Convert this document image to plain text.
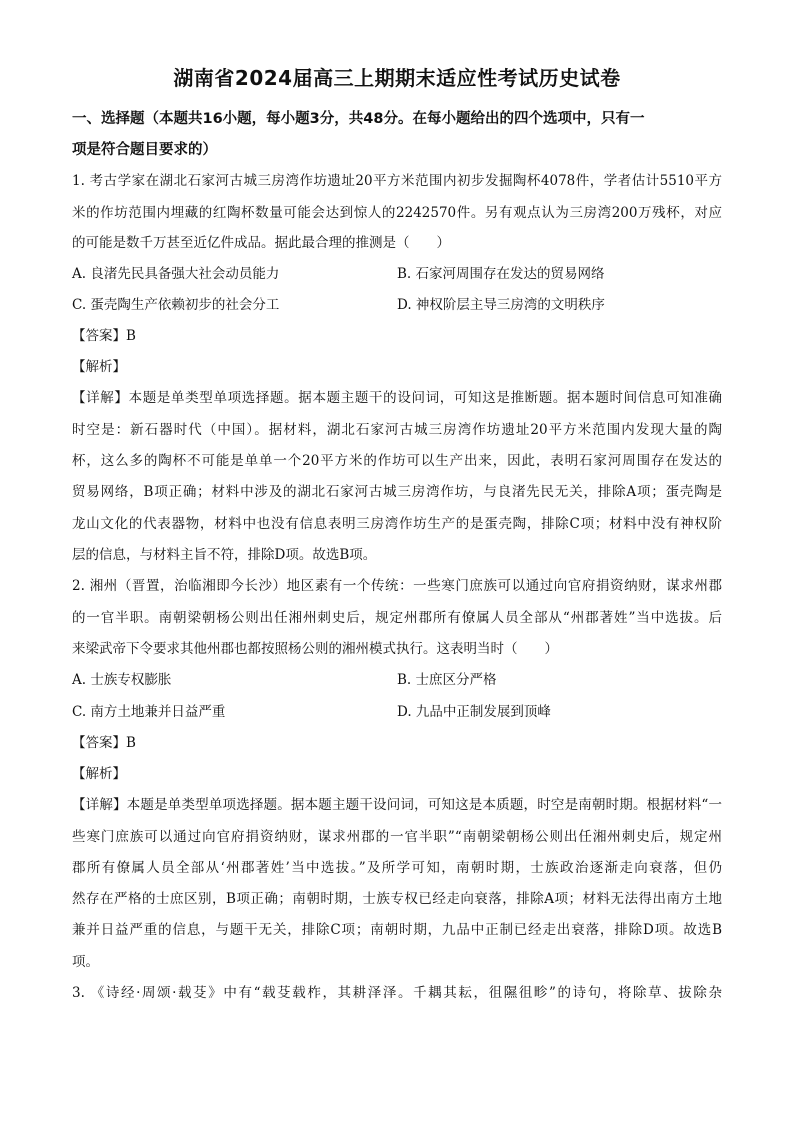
湖南省2024届高三上期期末适应性考试历史试卷
一、选择题（本题共16小题，每小题3分，共48分。在每小题给出的四个选项中，只有一
项是符合题目要求的）
1. 考古学家在湖北石家河古城三房湾作坊遗址20平方米范围内初步发掘陶杯4078件，学者估计5510平方
米的作坊范围内埋藏的红陶杯数量可能会达到惊人的2242570件。另有观点认为三房湾200万残杯，对应
的可能是数千万甚至近亿件成品。据此最合理的推测是（　　）
A. 良渚先民具备强大社会动员能力	B. 石家河周围存在发达的贸易网络
C. 蛋壳陶生产依赖初步的社会分工	D. 神权阶层主导三房湾的文明秩序
【答案】B
【解析】
【详解】本题是单类型单项选择题。据本题主题干的设问词，可知这是推断题。据本题时间信息可知准确
时空是：新石器时代（中国）。据材料，湖北石家河古城三房湾作坊遗址20平方米范围内发现大量的陶
杯，这么多的陶杯不可能是单单一个20平方米的作坊可以生产出来，因此，表明石家河周围存在发达的
贸易网络，B项正确；材料中涉及的湖北石家河古城三房湾作坊，与良渚先民无关，排除A项；蛋壳陶是
龙山文化的代表器物，材料中也没有信息表明三房湾作坊生产的是蛋壳陶，排除C项；材料中没有神权阶
层的信息，与材料主旨不符，排除D项。故选B项。
2. 湘州（晋置，治临湘即今长沙）地区素有一个传统：一些寒门庶族可以通过向官府捐资纳财，谋求州郡
的一官半职。南朝梁朝杨公则出任湘州刺史后，规定州郡所有僚属人员全部从“州郡著姓”当中选拔。后
来梁武帝下令要求其他州郡也都按照杨公则的湘州模式执行。这表明当时（　　）
A. 士族专权膨胀	B. 士庶区分严格
C. 南方土地兼并日益严重	D. 九品中正制发展到顶峰
【答案】B
【解析】
【详解】本题是单类型单项选择题。据本题主题干设问词，可知这是本质题，时空是南朝时期。根据材料“一
些寒门庶族可以通过向官府捐资纳财，谋求州郡的一官半职”“南朝梁朝杨公则出任湘州刺史后，规定州
郡所有僚属人员全部从‘州郡著姓’当中选拔。”及所学可知，南朝时期，士族政治逐渐走向衰落，但仍
然存在严格的士庶区别，B项正确；南朝时期，士族专权已经走向衰落，排除A项；材料无法得出南方土地
兼并日益严重的信息，与题干无关，排除C项；南朝时期，九品中正制已经走出衰落，排除D项。故选B
项。
3. 《诗经·周颂·载芟》中有“载芟载柞，其耕泽泽。千耦其耘，徂隰徂畛”的诗句，将除草、拔除杂
